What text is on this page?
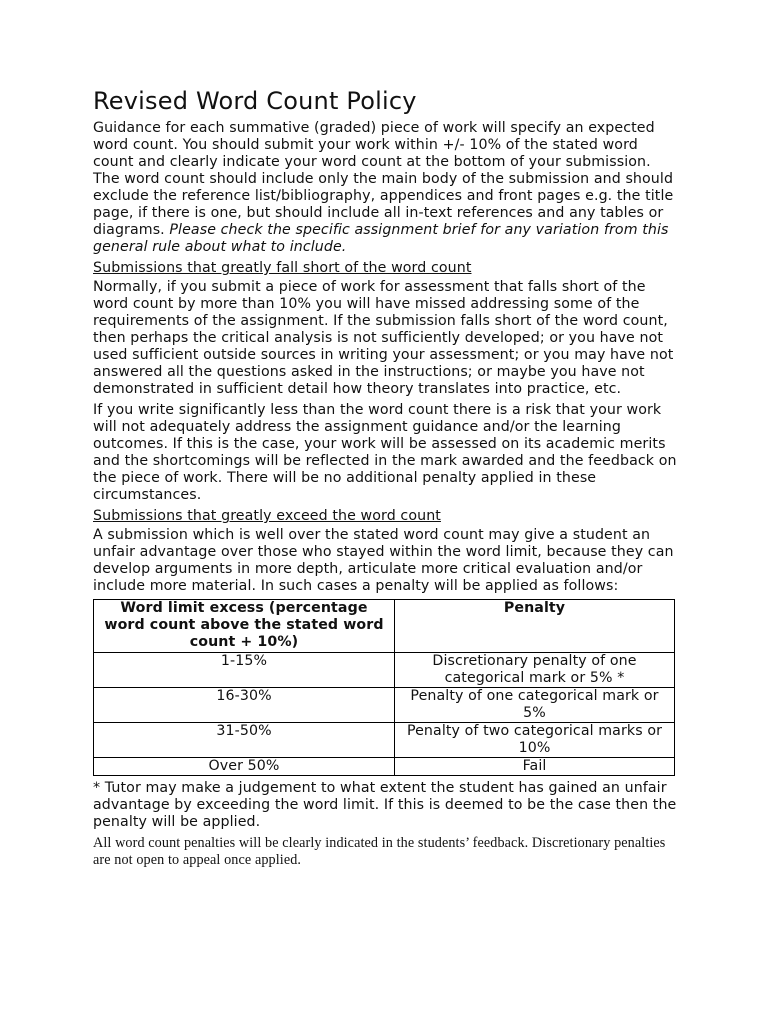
Revised Word Count Policy

Guidance for each summative (graded) piece of work will specify an expected word count. You should submit your work within +/- 10% of the stated word count and clearly indicate your word count at the bottom of your submission. The word count should include only the main body of the submission and should exclude the reference list/bibliography, appendices and front pages e.g. the title page, if there is one, but should include all in-text references and any tables or diagrams. Please check the specific assignment brief for any variation from this general rule about what to include.

Submissions that greatly fall short of the word count

Normally, if you submit a piece of work for assessment that falls short of the word count by more than 10% you will have missed addressing some of the requirements of the assignment. If the submission falls short of the word count, then perhaps the critical analysis is not sufficiently developed; or you have not used sufficient outside sources in writing your assessment; or you may have not answered all the questions asked in the instructions; or maybe you have not demonstrated in sufficient detail how theory translates into practice, etc.

If you write significantly less than the word count there is a risk that your work will not adequately address the assignment guidance and/or the learning outcomes. If this is the case, your work will be assessed on its academic merits and the shortcomings will be reflected in the mark awarded and the feedback on the piece of work. There will be no additional penalty applied in these circumstances.

Submissions that greatly exceed the word count

A submission which is well over the stated word count may give a student an unfair advantage over those who stayed within the word limit, because they can develop arguments in more depth, articulate more critical evaluation and/or include more material. In such cases a penalty will be applied as follows:

Word limit excess (percentage word count above the stated word count + 10%)	Penalty
1-15%	Discretionary penalty of one categorical mark or 5% *
16-30%	Penalty of one categorical mark or 5%
31-50%	Penalty of two categorical marks or 10%
Over 50%	Fail

* Tutor may make a judgement to what extent the student has gained an unfair advantage by exceeding the word limit. If this is deemed to be the case then the penalty will be applied.

All word count penalties will be clearly indicated in the students’ feedback. Discretionary penalties are not open to appeal once applied.
